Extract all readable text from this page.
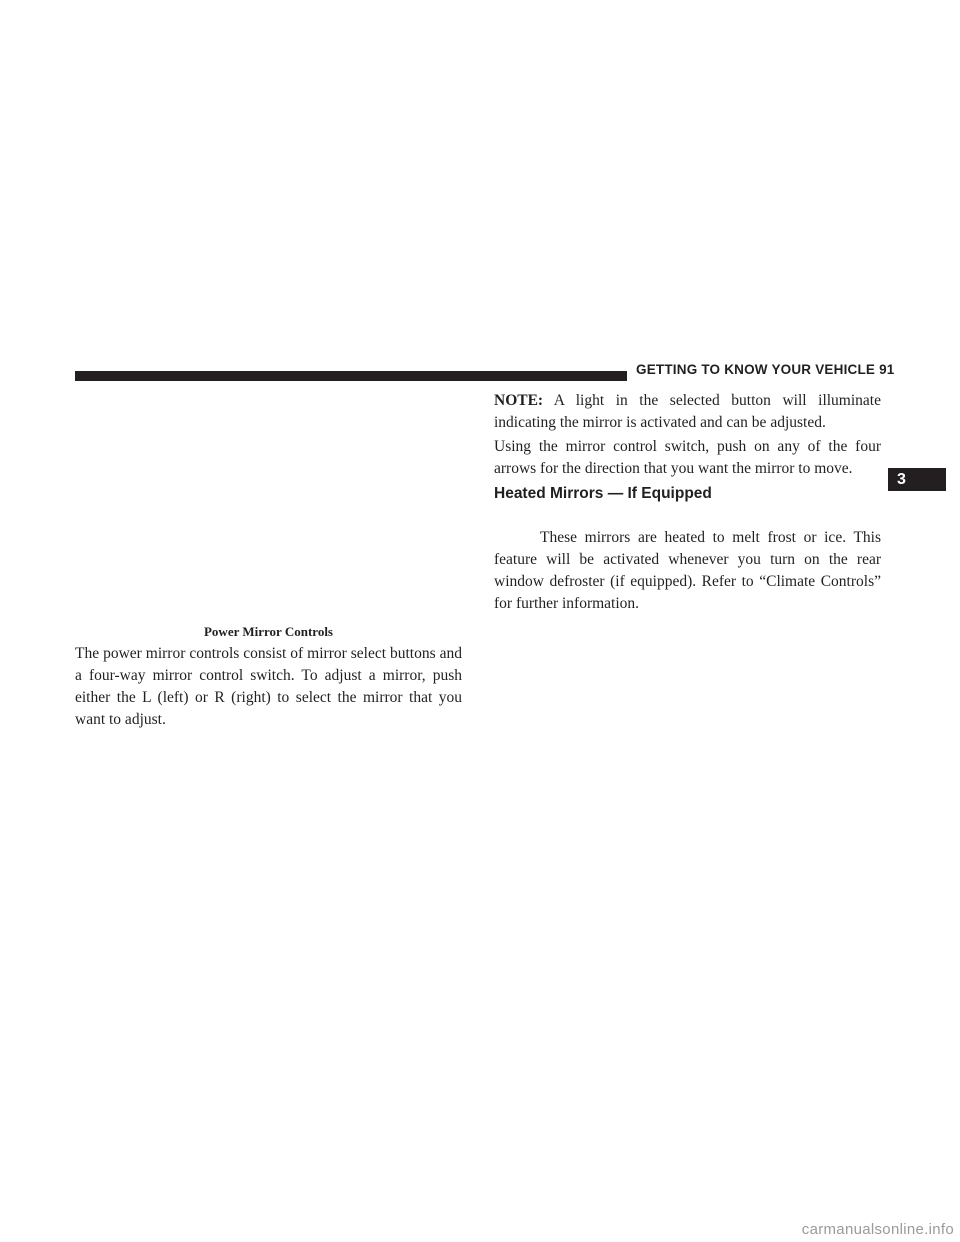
GETTING TO KNOW YOUR VEHICLE 91
3
Power Mirror Controls

The power mirror controls consist of mirror select buttons and a four-way mirror control switch. To adjust a mirror, push either the L (left) or R (right) to select the mirror that you want to adjust.

NOTE: A light in the selected button will illuminate indicating the mirror is activated and can be adjusted.

Using the mirror control switch, push on any of the four arrows for the direction that you want the mirror to move.

Heated Mirrors — If Equipped

These mirrors are heated to melt frost or ice. This feature will be activated whenever you turn on the rear window defroster (if equipped). Refer to “Climate Controls” for further information.

carmanualsonline.info
